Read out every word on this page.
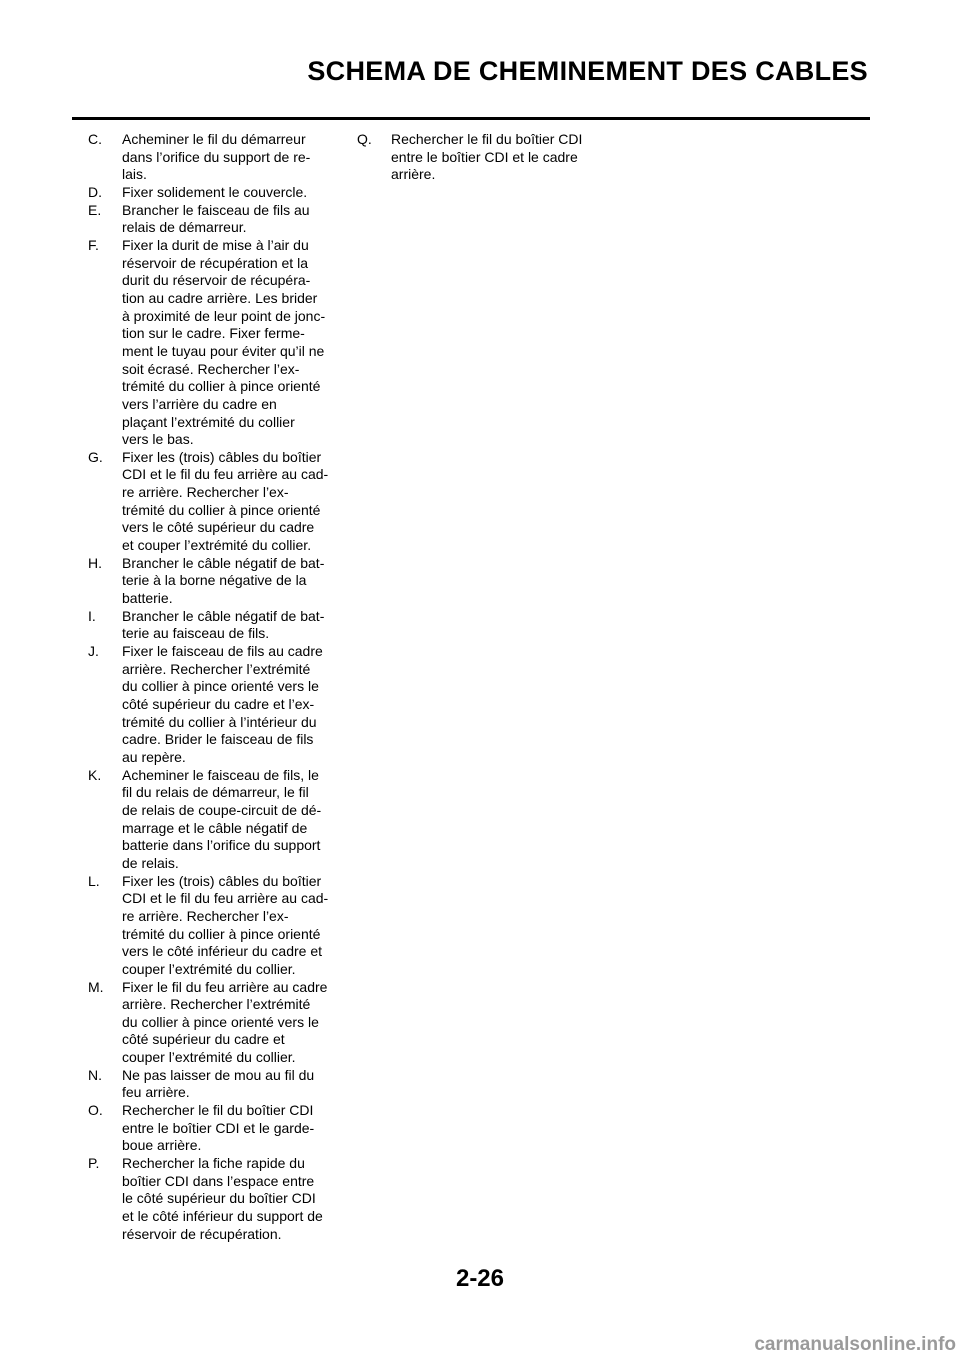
SCHEMA DE CHEMINEMENT DES CABLES
C. Acheminer le fil du démarreur
dans l’orifice du support de re-
lais.
D. Fixer solidement le couvercle.
E. Brancher le faisceau de fils au
relais de démarreur.
F. Fixer la durit de mise à l’air du
réservoir de récupération et la
durit du réservoir de récupéra-
tion au cadre arrière. Les brider
à proximité de leur point de jonc-
tion sur le cadre. Fixer ferme-
ment le tuyau pour éviter qu’il ne
soit écrasé. Rechercher l’ex-
trémité du collier à pince orienté
vers l’arrière du cadre en
plaçant l’extrémité du collier
vers le bas.
G. Fixer les (trois) câbles du boîtier
CDI et le fil du feu arrière au cad-
re arrière. Rechercher l’ex-
trémité du collier à pince orienté
vers le côté supérieur du cadre
et couper l’extrémité du collier.
H. Brancher le câble négatif de bat-
terie à la borne négative de la
batterie.
I. Brancher le câble négatif de bat-
terie au faisceau de fils.
J. Fixer le faisceau de fils au cadre
arrière. Rechercher l’extrémité
du collier à pince orienté vers le
côté supérieur du cadre et l’ex-
trémité du collier à l’intérieur du
cadre. Brider le faisceau de fils
au repère.
K. Acheminer le faisceau de fils, le
fil du relais de démarreur, le fil
de relais de coupe-circuit de dé-
marrage et le câble négatif de
batterie dans l’orifice du support
de relais.
L. Fixer les (trois) câbles du boîtier
CDI et le fil du feu arrière au cad-
re arrière. Rechercher l’ex-
trémité du collier à pince orienté
vers le côté inférieur du cadre et
couper l’extrémité du collier.
M. Fixer le fil du feu arrière au cadre
arrière. Rechercher l’extrémité
du collier à pince orienté vers le
côté supérieur du cadre et
couper l’extrémité du collier.
N. Ne pas laisser de mou au fil du
feu arrière.
O. Rechercher le fil du boîtier CDI
entre le boîtier CDI et le garde-
boue arrière.
P. Rechercher la fiche rapide du
boîtier CDI dans l’espace entre
le côté supérieur du boîtier CDI
et le côté inférieur du support de
réservoir de récupération.
Q. Rechercher le fil du boîtier CDI
entre le boîtier CDI et le cadre
arrière.
2-26
carmanualsonline.info
